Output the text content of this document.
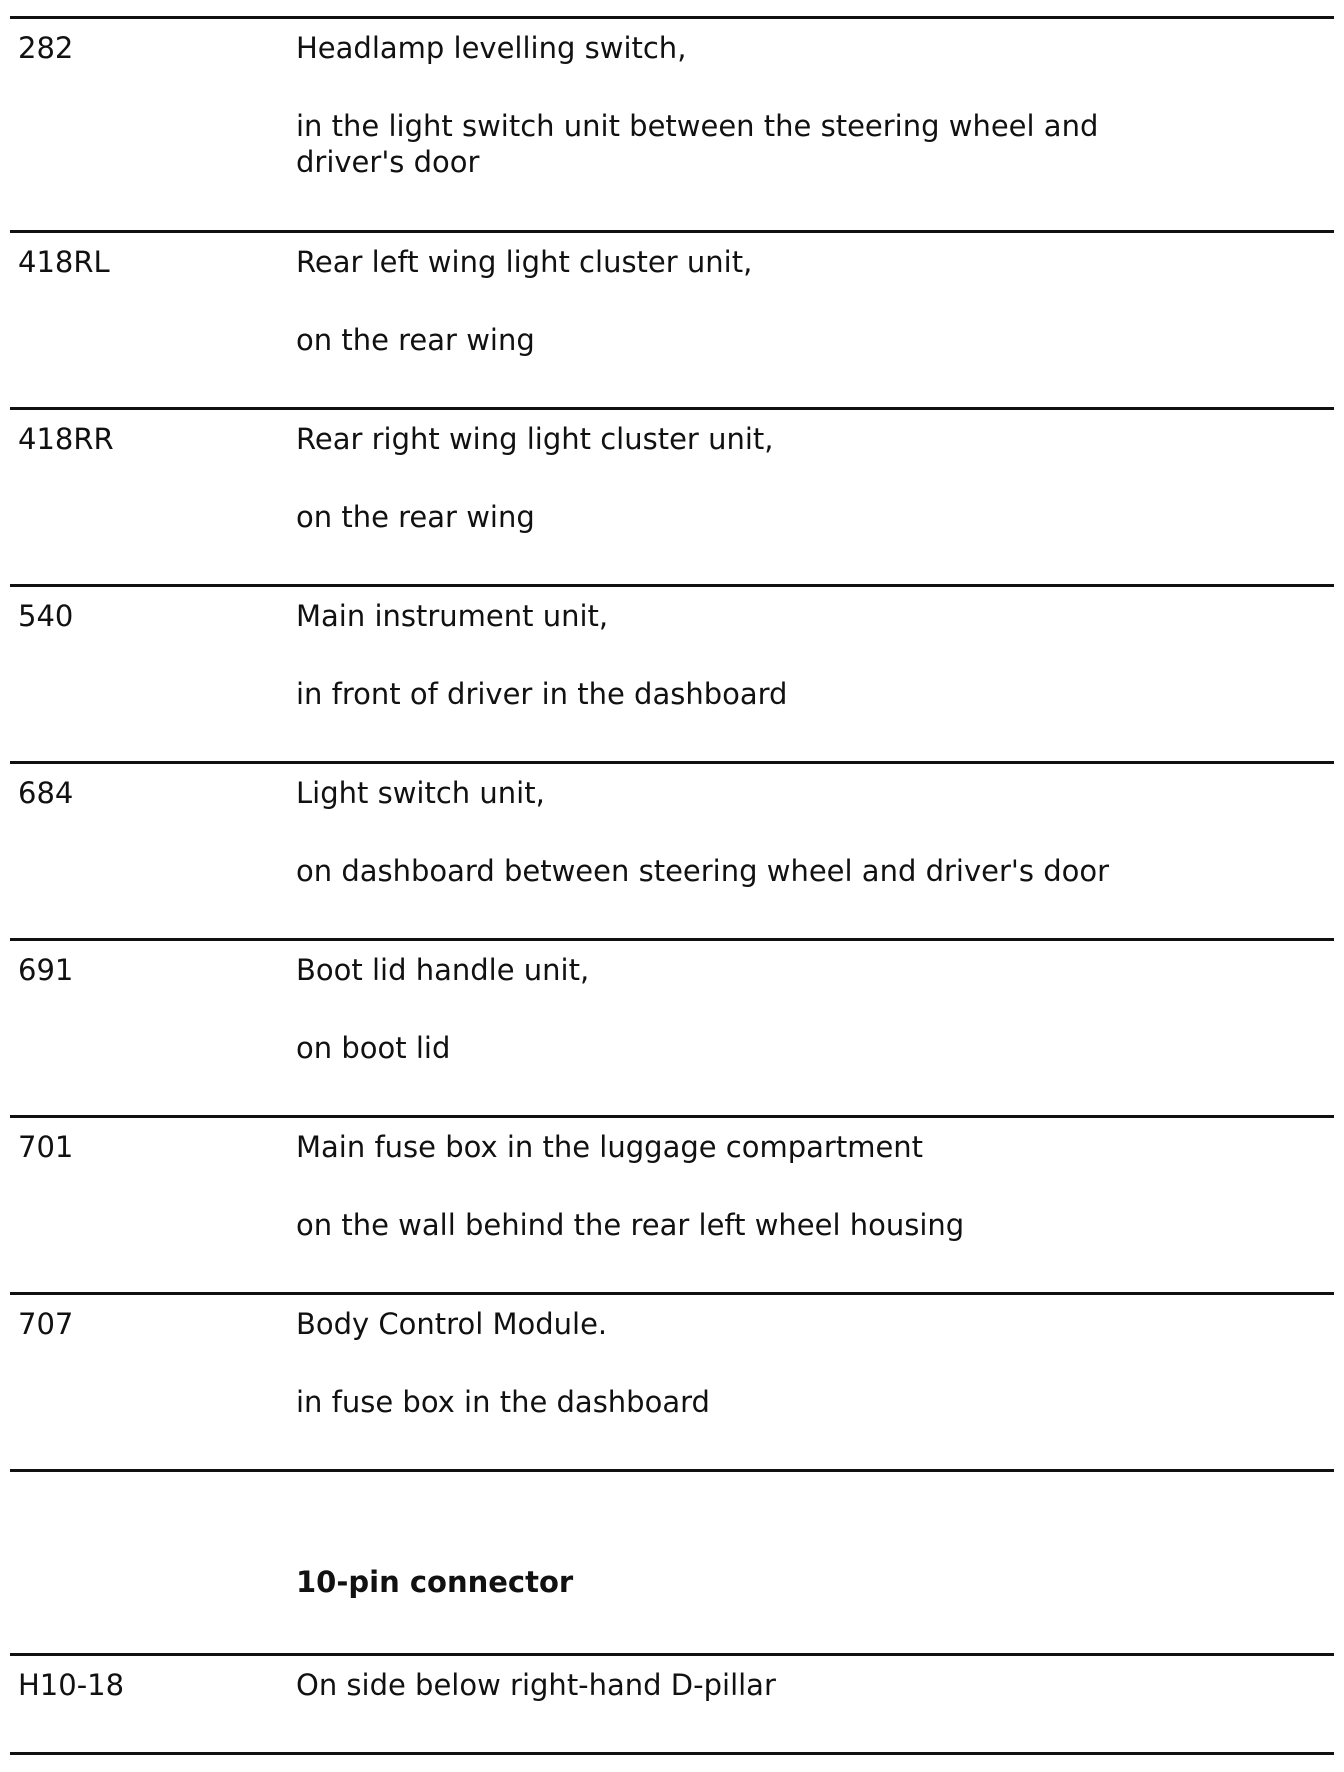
282	Headlamp levelling switch,

in the light switch unit between the steering wheel and driver's door

418RL	Rear left wing light cluster unit,

on the rear wing

418RR	Rear right wing light cluster unit,

on the rear wing

540	Main instrument unit,

in front of driver in the dashboard

684	Light switch unit,

on dashboard between steering wheel and driver's door

691	Boot lid handle unit,

on boot lid

701	Main fuse box in the luggage compartment

on the wall behind the rear left wheel housing

707	Body Control Module.

in fuse box in the dashboard

10-pin connector
H10-18	On side below right-hand D-pillar
